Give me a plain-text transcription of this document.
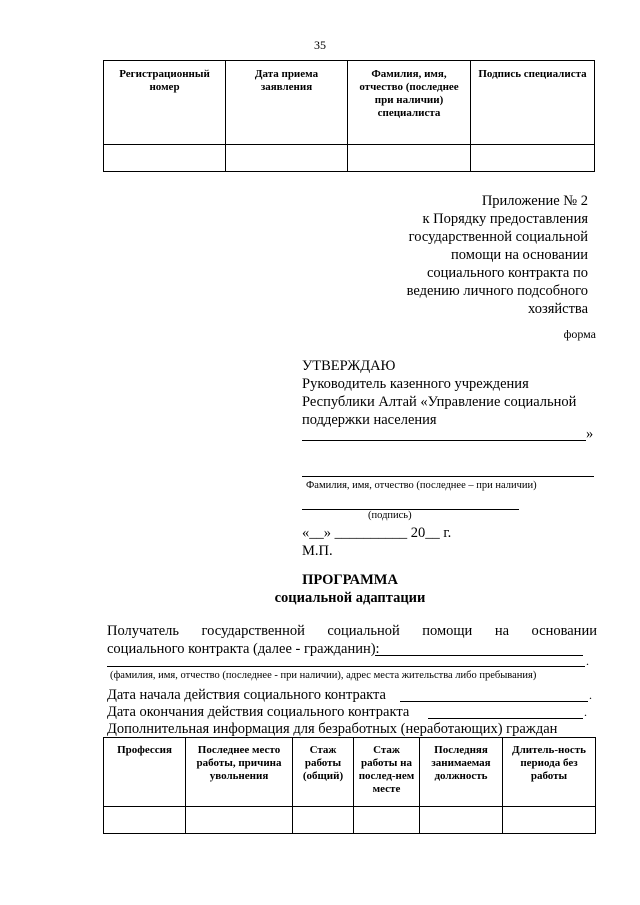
35
Регистрационный номер	Дата приема заявления	Фамилия, имя, отчество (последнее при наличии) специалиста	Подпись специалиста

Приложение № 2
к Порядку предоставления
государственной социальной
помощи на основании
социального контракта по
ведению личного подсобного
хозяйства
форма
УТВЕРЖДАЮ
Руководитель казенного учреждения
Республики Алтай «Управление социальной
поддержки населения
»
Фамилия, имя, отчество (последнее – при наличии)
(подпись)
«__» __________ 20__ г.
М.П.
ПРОГРАММА
социальной адаптации
Получатель государственной социальной помощи на основании
социального контракта (далее - гражданин):
.
(фамилия, имя, отчество (последнее - при наличии), адрес места жительства либо пребывания)
Дата начала действия социального контракта	.
Дата окончания действия социального контракта	.
Дополнительная информация для безработных (неработающих) граждан
Профессия	Последнее место работы, причина увольнения	Стаж работы (общий)	Стаж работы на послед-нем месте	Последняя занимаемая должность	Длитель-ность периода без работы
